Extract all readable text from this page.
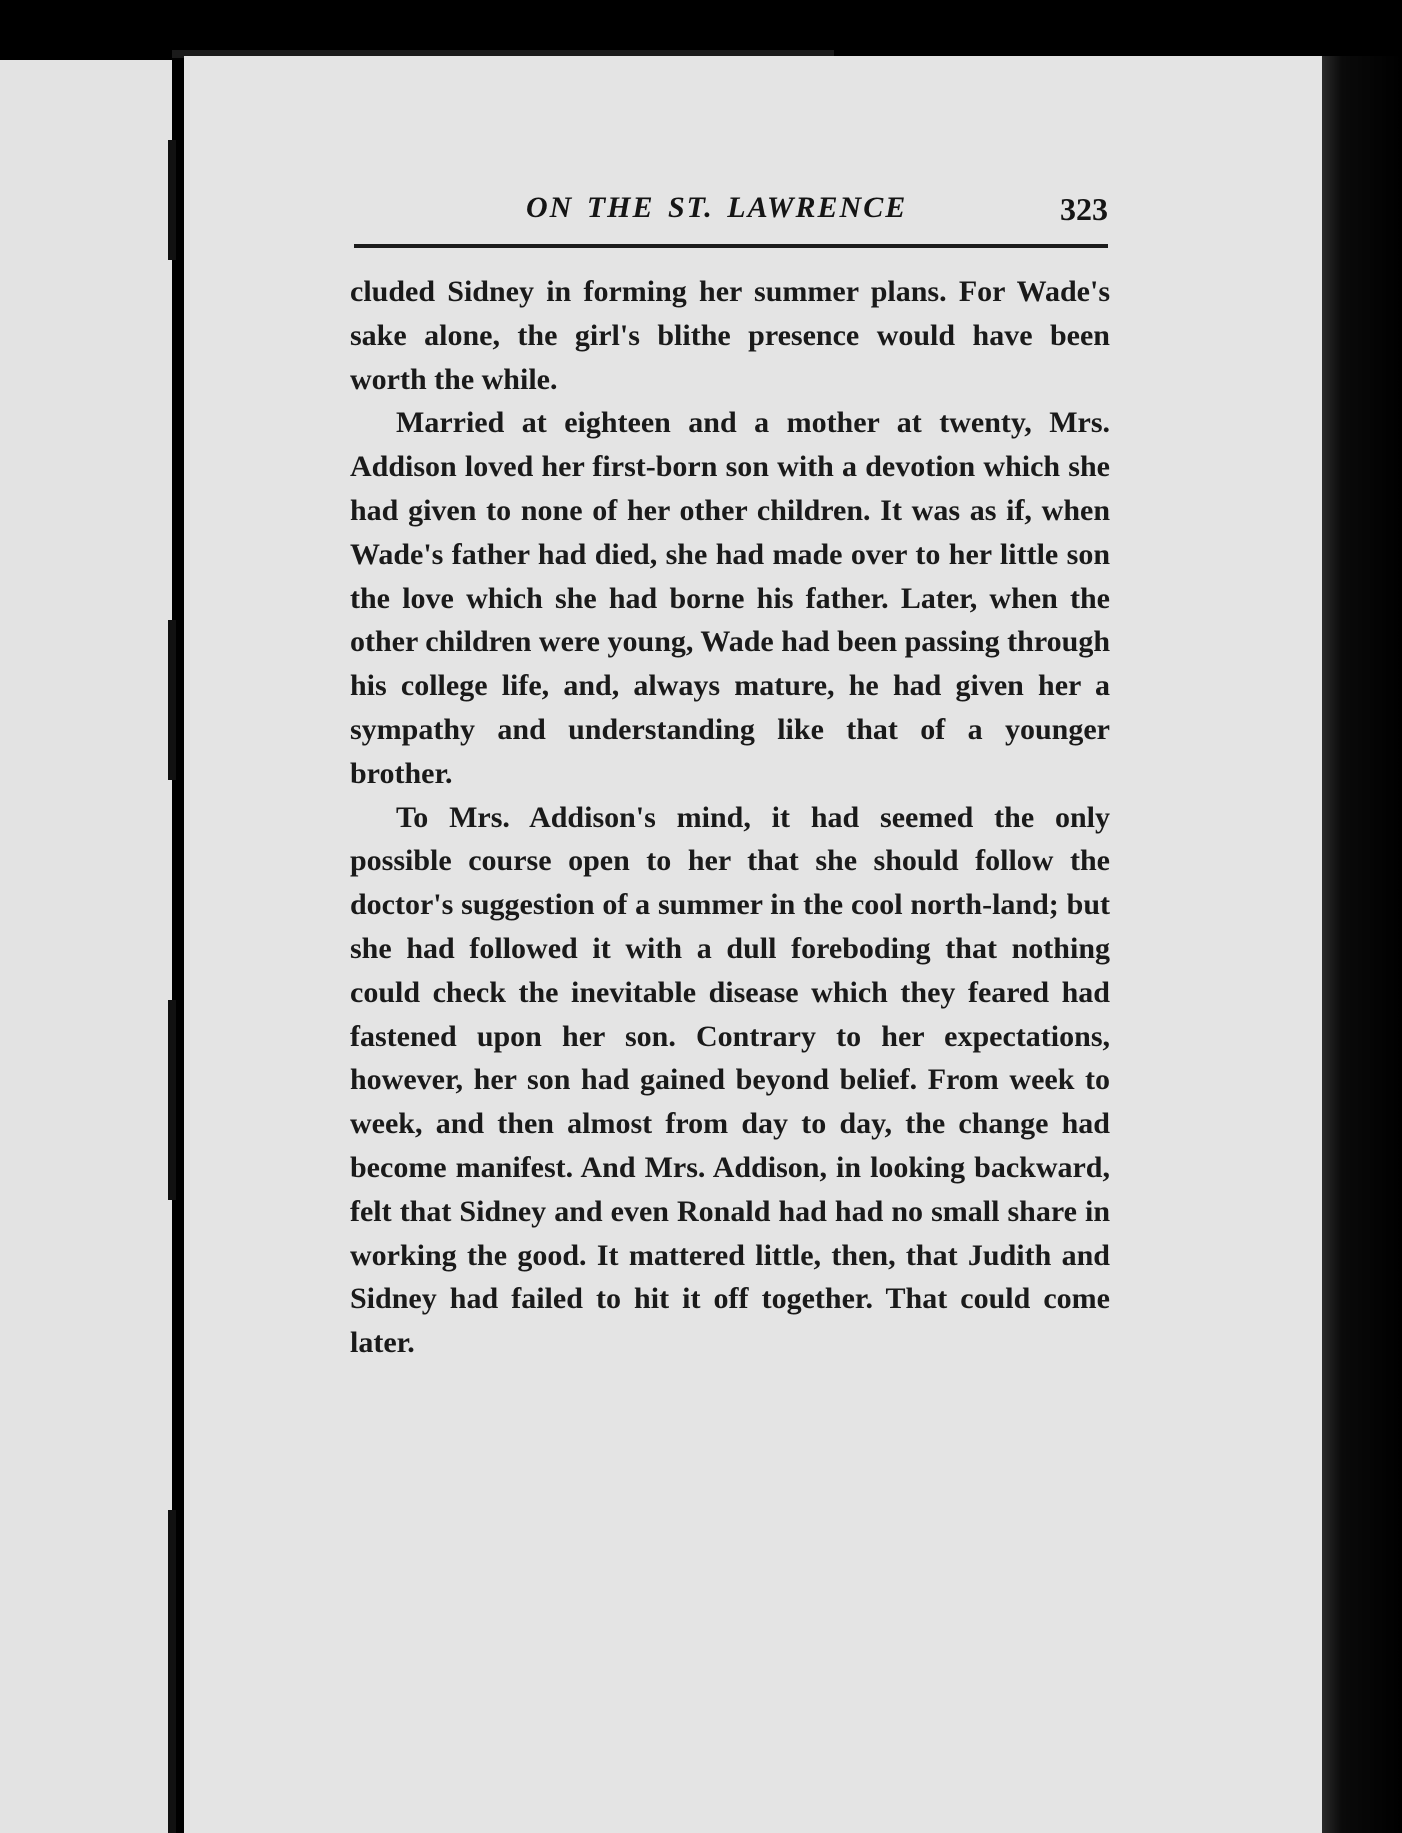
ON THE ST. LAWRENCE	323

cluded Sidney in forming her summer plans. For Wade's sake alone, the girl's blithe presence would have been worth the while.

Married at eighteen and a mother at twenty, Mrs. Addison loved her first-born son with a devotion which she had given to none of her other children. It was as if, when Wade's father had died, she had made over to her little son the love which she had borne his father. Later, when the other children were young, Wade had been passing through his college life, and, always mature, he had given her a sympathy and understanding like that of a younger brother.

To Mrs. Addison's mind, it had seemed the only possible course open to her that she should follow the doctor's suggestion of a summer in the cool north-land; but she had followed it with a dull foreboding that nothing could check the inevitable disease which they feared had fastened upon her son. Contrary to her expectations, however, her son had gained beyond belief. From week to week, and then almost from day to day, the change had become manifest. And Mrs. Addison, in looking backward, felt that Sidney and even Ronald had had no small share in working the good. It mattered little, then, that Judith and Sidney had failed to hit it off together. That could come later.
